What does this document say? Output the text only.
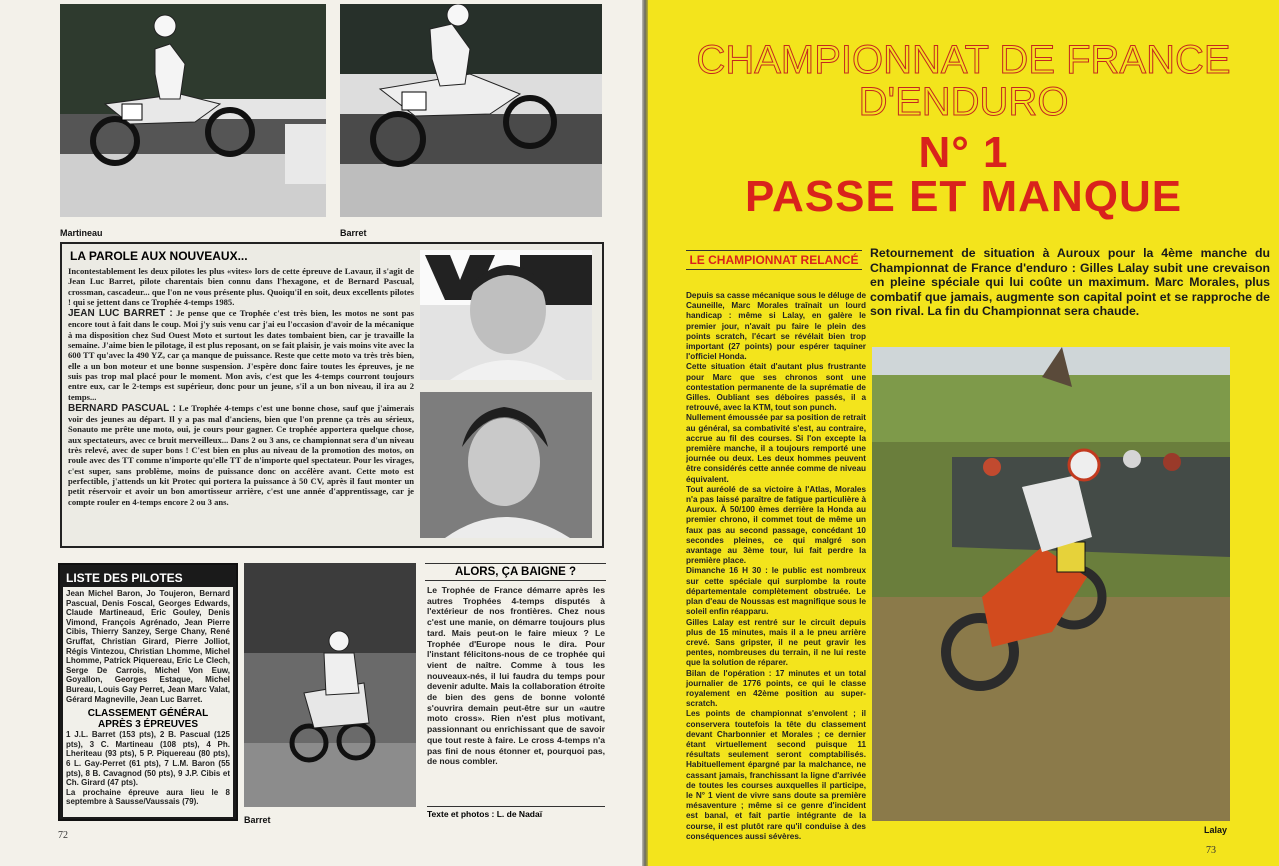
Martineau	Barret
LA PAROLE AUX NOUVEAUX...

Incontestablement les deux pilotes les plus «vites» lors de cette épreuve de Lavaur, il s'agit de Jean Luc Barret, pilote charentais bien connu dans l'hexagone, et de Bernard Pascual, crossman, cascadeur... que l'on ne vous présente plus. Quoiqu'il en soit, deux excellents pilotes ! qui se jettent dans ce Trophée 4-temps 1985.

JEAN LUC BARRET : Je pense que ce Trophée c'est très bien, les motos ne sont pas encore tout à fait dans le coup. Moi j'y suis venu car j'ai eu l'occasion d'avoir de la mécanique à ma disposition chez Sud Ouest Moto et surtout les dates tombaient bien, car je travaille la semaine. J'aime bien le pilotage, il est plus reposant, on se fait plaisir, je vais moins vite avec la 600 TT qu'avec la 490 YZ, car ça manque de puissance. Reste que cette moto va très très bien, elle a un bon moteur et une bonne suspension. J'espère donc faire toutes les épreuves, je ne suis pas trop mal placé pour le moment. Mon avis, c'est que les 4-temps courront toujours entre eux, car le 2-temps est supérieur, donc pour un jeune, s'il a un bon niveau, il ira au 2 temps...

BERNARD PASCUAL : Le Trophée 4-temps c'est une bonne chose, sauf que j'aimerais voir des jeunes au départ. Il y a pas mal d'anciens, bien que l'on prenne ça très au sérieux, Sonauto me prête une moto, oui, je cours pour gagner. Ce trophée apportera quelque chose, aux spectateurs, avec ce bruit merveilleux... Dans 2 ou 3 ans, ce championnat sera d'un niveau très relevé, avec de super bons ! C'est bien en plus au niveau de la promotion des motos, on roule avec des TT comme n'importe qu'elle TT de n'importe quel spectateur. Pour les virages, c'est super, sans problème, moins de puissance donc on accélère avant. Cette moto est perfectible, j'attends un kit Protec qui portera la puissance à 50 CV, après il faut monter un petit réservoir et avoir un bon amortisseur arrière, c'est une année d'apprentissage, car je compte rouler en 4-temps encore 2 ou 3 ans.

LISTE DES PILOTES
Jean Michel Baron, Jo Toujeron, Bernard Pascual, Denis Foscal, Georges Edwards, Claude Martineaud, Eric Gouley, Denis Vimond, François Agrénado, Jean Pierre Cibis, Thierry Sanzey, Serge Chany, René Gruffat, Christian Girard, Pierre Jolliot, Régis Vintezou, Christian Lhomme, Michel Lhomme, Patrick Piquereau, Eric Le Clech, Serge De Carrois, Michel Von Euw, Goyallon, Georges Estaque, Michel Bureau, Louis Gay Perret, Jean Marc Valat, Gérard Magneville, Jean Luc Barret.
CLASSEMENT GÉNÉRAL
APRÈS 3 ÉPREUVES
1 J.L. Barret (153 pts), 2 B. Pascual (125 pts), 3 C. Martineau (108 pts), 4 Ph. Lheriteau (93 pts), 5 P. Piquereau (80 pts), 6 L. Gay-Perret (61 pts), 7 L.M. Baron (55 pts), 8 B. Cavagnod (50 pts), 9 J.P. Cibis et Ch. Girard (47 pts).
La prochaine épreuve aura lieu le 8 septembre à Sausse/Vaussais (79).
Barret
ALORS, ÇA BAIGNE ?
Le Trophée de France démarre après les autres Trophées 4-temps disputés à l'extérieur de nos frontières. Chez nous c'est une manie, on démarre toujours plus tard. Mais peut-on le faire mieux ? Le Trophée d'Europe nous le dira. Pour l'instant félicitons-nous de ce trophée qui vient de naître. Comme à tous les nouveaux-nés, il lui faudra du temps pour devenir adulte. Mais la collaboration étroite de bien des gens de bonne volonté s'ouvrira demain peut-être sur un «autre moto cross». Rien n'est plus motivant, passionnant ou enrichissant que de savoir que tout reste à faire. Le cross 4-temps n'a pas fini de nous étonner et, pourquoi pas, de nous combler.
Texte et photos : L. de Nadaï
72
CHAMPIONNAT DE FRANCE
D'ENDURO
N° 1
PASSE ET MANQUE
LE CHAMPIONNAT RELANCÉ Retournement de situation à Auroux pour la 4ème manche du Championnat de France d'enduro : Gilles Lalay subit une crevaison en pleine spéciale qui lui coûte un maximum. Marc Morales, plus combatif que jamais, augmente son capital point et se rapproche de son rival. La fin du Championnat sera chaude.

Depuis sa casse mécanique sous le déluge de Cauneille, Marc Morales traînait un lourd handicap : même si Lalay, en galère le premier jour, n'avait pu faire le plein des points scratch, l'écart se révélait bien trop important (27 points) pour espérer taquiner l'officiel Honda.

Cette situation était d'autant plus frustrante pour Marc que ses chronos sont une contestation permanente de la suprématie de Gilles. Oubliant ses déboires passés, il a retrouvé, avec la KTM, tout son punch.

Nullement émoussée par sa position de retrait au général, sa combativité s'est, au contraire, accrue au fil des courses. Si l'on excepte la première manche, il a toujours remporté une journée ou deux. Les deux hommes peuvent être considérés cette année comme de niveau équivalent.

Tout auréolé de sa victoire à l'Atlas, Morales n'a pas laissé paraître de fatigue particulière à Auroux. À 50/100 èmes derrière la Honda au premier chrono, il commet tout de même un faux pas au second passage, concédant 10 secondes pleines, ce qui malgré son avantage au 3ème tour, lui fait perdre la première place.

Dimanche 16 H 30 : le public est nombreux sur cette spéciale qui surplombe la route départementale complètement obstruée. Le plan d'eau de Noussas est magnifique sous le soleil enfin réapparu.

Gilles Lalay est rentré sur le circuit depuis plus de 15 minutes, mais il a le pneu arrière crevé. Sans gripster, il ne peut gravir les pentes, nombreuses du terrain, il ne lui reste que la solution de réparer.

Bilan de l'opération : 17 minutes et un total journalier de 1776 points, ce qui le classe royalement en 42ème position au super-scratch.

Les points de championnat s'envolent ; il conservera toutefois la tête du classement devant Charbonnier et Morales ; ce dernier étant virtuellement second puisque 11 résultats seulement seront comptabilisés. Habituellement épargné par la malchance, ne cassant jamais, franchissant la ligne d'arrivée de toutes les courses auxquelles il participe, le N° 1 vient de vivre sans doute sa première mésaventure ; même si ce genre d'incident est banal, et fait partie intégrante de la course, il est plutôt rare qu'il conduise à des conséquences aussi sévères.

Lalay
73
